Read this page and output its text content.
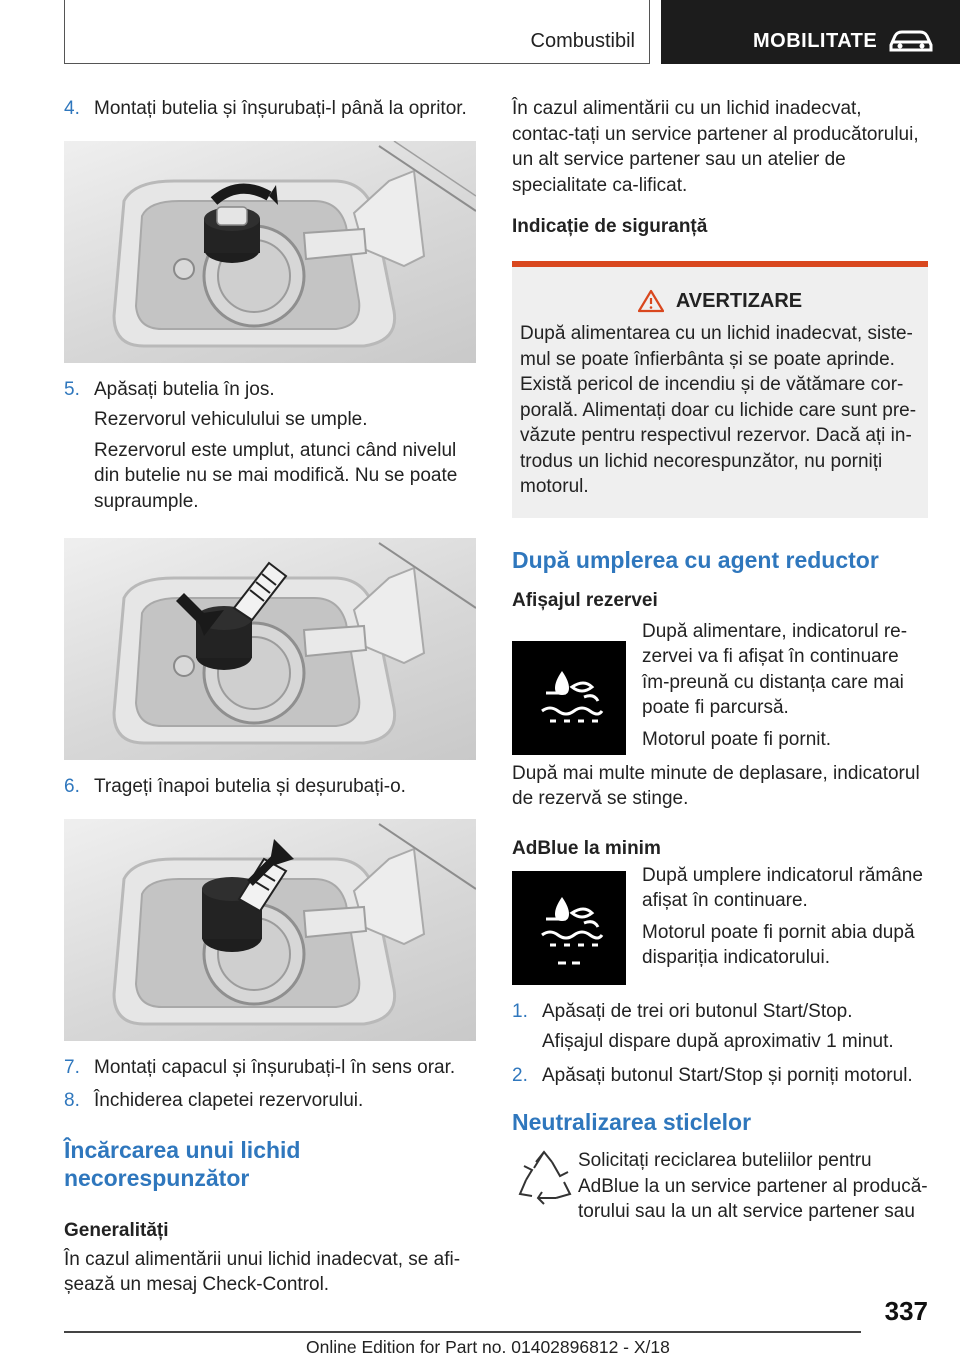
Combustibil	MOBILITATE
4. Montați butelia și înșurubați-l până la opritor.
5. Apăsați butelia în jos.

Rezervorul vehiculului se umple.

Rezervorul este umplut, atunci când nivelul din butelie nu se mai modifică. Nu se poate supraumple.

6. Trageți înapoi butelia și deșurubați-o.
7. Montați capacul și înșurubați-l în sens orar.
8. Închiderea clapetei rezervorului.
Încărcarea unui lichid necorespunzător
Generalități

În cazul alimentării unui lichid inadecvat, se afi-șează un mesaj Check-Control.

În cazul alimentării cu un lichid inadecvat, contac-tați un service partener al producătorului, un alt service partener sau un atelier de specialitate ca-lificat.

Indicație de siguranță
AVERTIZARE

După alimentarea cu un lichid inadecvat, siste-mul se poate înfierbânta și se poate aprinde. Există pericol de incendiu și de vătămare cor-porală. Alimentați doar cu lichide care sunt pre-văzute pentru respectivul rezervor. Dacă ați in-trodus un lichid necorespunzător, nu porniți motorul.

După umplerea cu agent reductor
Afișajul rezervei

După alimentare, indicatorul re-zervei va fi afișat în continuare îm-preună cu distanța care mai poate fi parcursă.

Motorul poate fi pornit.

După mai multe minute de deplasare, indicatorul de rezervă se stinge.

AdBlue la minim

După umplere indicatorul rămâne afișat în continuare.

Motorul poate fi pornit abia după dispariția indicatorului.

1. Apăsați de trei ori butonul Start/Stop.

Afișajul dispare după aproximativ 1 minut.

2. Apăsați butonul Start/Stop și porniți motorul.
Neutralizarea sticlelor

Solicitați reciclarea buteliilor pentru AdBlue la un service partener al producă-torului sau la un alt service partener sau

337
Online Edition for Part no. 01402896812 - X/18
